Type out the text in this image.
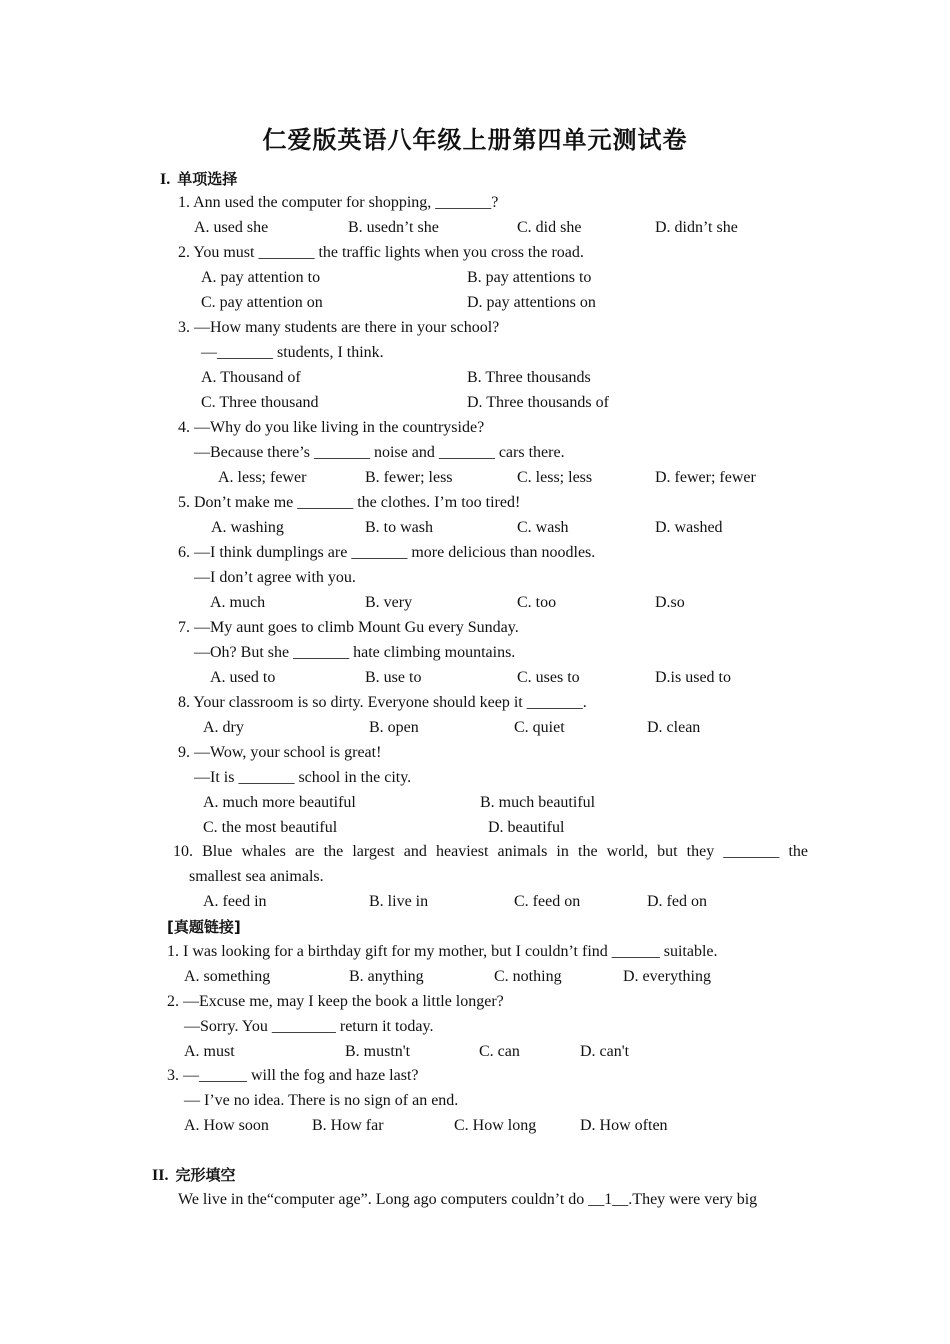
仁爱版英语八年级上册第四单元测试卷
I. 单项选择
1. Ann used the computer for shopping, _______?
A. used she	B. usedn’t she	C. did she	D. didn’t she
2. You must _______ the traffic lights when you cross the road.
A. pay attention to	B. pay attentions to
C. pay attention on	D. pay attentions on
3. —How many students are there in your school?
—_______ students, I think.
A. Thousand of	B. Three thousands
C. Three thousand	D. Three thousands of
4. —Why do you like living in the countryside?
—Because there’s _______ noise and _______ cars there.
A. less; fewer	B. fewer; less	C. less; less	D. fewer; fewer
5. Don’t make me _______ the clothes. I’m too tired!
A. washing	B. to wash	C. wash	D. washed
6. —I think dumplings are _______ more delicious than noodles.
—I don’t agree with you.
A. much	B. very	C. too	D.so
7. —My aunt goes to climb Mount Gu every Sunday.
—Oh? But she _______ hate climbing mountains.
A. used to	B. use to	C. uses to	D.is used to
8. Your classroom is so dirty. Everyone should keep it _______.
A. dry	B. open	C. quiet	D. clean
9. —Wow, your school is great!
—It is _______ school in the city.
A. much more beautiful	B. much beautiful
C. the most beautiful	D. beautiful
10. Blue whales are the largest and heaviest animals in the world, but they _______ the
smallest sea animals.
A. feed in	B. live in	C. feed on	D. fed on
[真题链接]
1. I was looking for a birthday gift for my mother, but I couldn’t find ______ suitable.
A. something	B. anything	C. nothing	D. everything
2. —Excuse me, may I keep the book a little longer?
—Sorry. You ________ return it today.
A. must	B. mustn't	C. can	D. can't
3. —______ will the fog and haze last?
— I’ve no idea. There is no sign of an end.
A. How soon	B. How far	C. How long	D. How often
II. 完形填空
We live in the“computer age”. Long ago computers couldn’t do __1__.They were very big
